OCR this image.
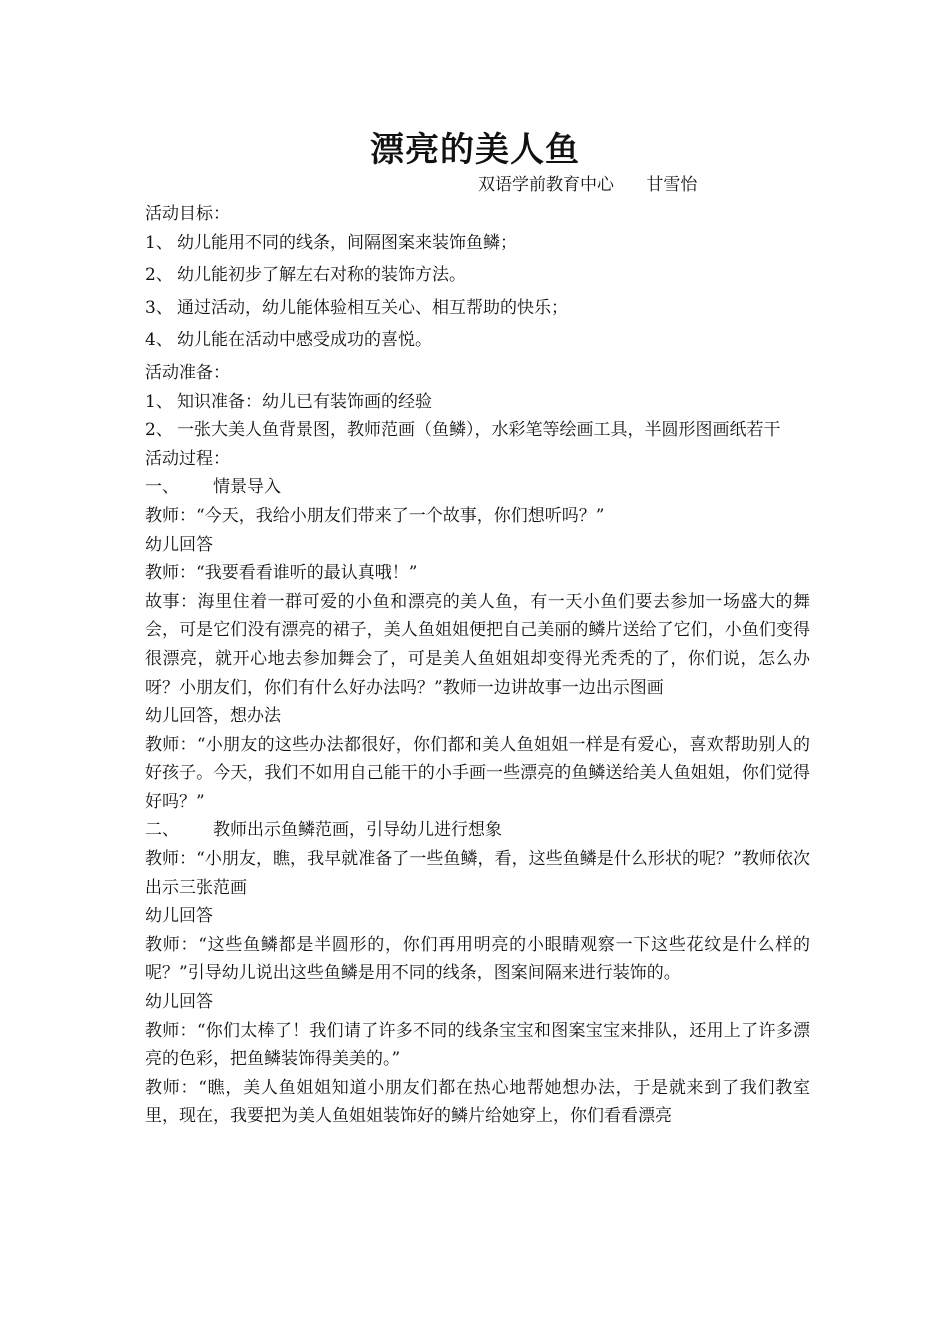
漂亮的美人鱼
双语学前教育中心      甘雪怡

活动目标：

1、 幼儿能用不同的线条，间隔图案来装饰鱼鳞；
2、 幼儿能初步了解左右对称的装饰方法。
3、 通过活动，幼儿能体验相互关心、相互帮助的快乐；
4、 幼儿能在活动中感受成功的喜悦。

活动准备：

1、 知识准备：幼儿已有装饰画的经验
2、 一张大美人鱼背景图，教师范画（鱼鳞），水彩笔等绘画工具，半圆形图画纸若干

活动过程：

一、	情景导入

教师：“今天，我给小朋友们带来了一个故事，你们想听吗？”

幼儿回答

教师：“我要看看谁听的最认真哦！”

故事：海里住着一群可爱的小鱼和漂亮的美人鱼，有一天小鱼们要去参加一场盛大的舞会，可是它们没有漂亮的裙子，美人鱼姐姐便把自己美丽的鳞片送给了它们，小鱼们变得很漂亮，就开心地去参加舞会了，可是美人鱼姐姐却变得光秃秃的了，你们说，怎么办呀？小朋友们，你们有什么好办法吗？”教师一边讲故事一边出示图画

幼儿回答，想办法

教师：“小朋友的这些办法都很好，你们都和美人鱼姐姐一样是有爱心，喜欢帮助别人的好孩子。今天，我们不如用自己能干的小手画一些漂亮的鱼鳞送给美人鱼姐姐，你们觉得好吗？”

二、	教师出示鱼鳞范画，引导幼儿进行想象

教师：“小朋友，瞧，我早就准备了一些鱼鳞，看，这些鱼鳞是什么形状的呢？”教师依次出示三张范画

幼儿回答

教师：“这些鱼鳞都是半圆形的，你们再用明亮的小眼睛观察一下这些花纹是什么样的呢？”引导幼儿说出这些鱼鳞是用不同的线条，图案间隔来进行装饰的。

幼儿回答

教师：“你们太棒了！我们请了许多不同的线条宝宝和图案宝宝来排队，还用上了许多漂亮的色彩，把鱼鳞装饰得美美的。”

教师：“瞧，美人鱼姐姐知道小朋友们都在热心地帮她想办法，于是就来到了我们教室里，现在，我要把为美人鱼姐姐装饰好的鳞片给她穿上，你们看看漂亮
